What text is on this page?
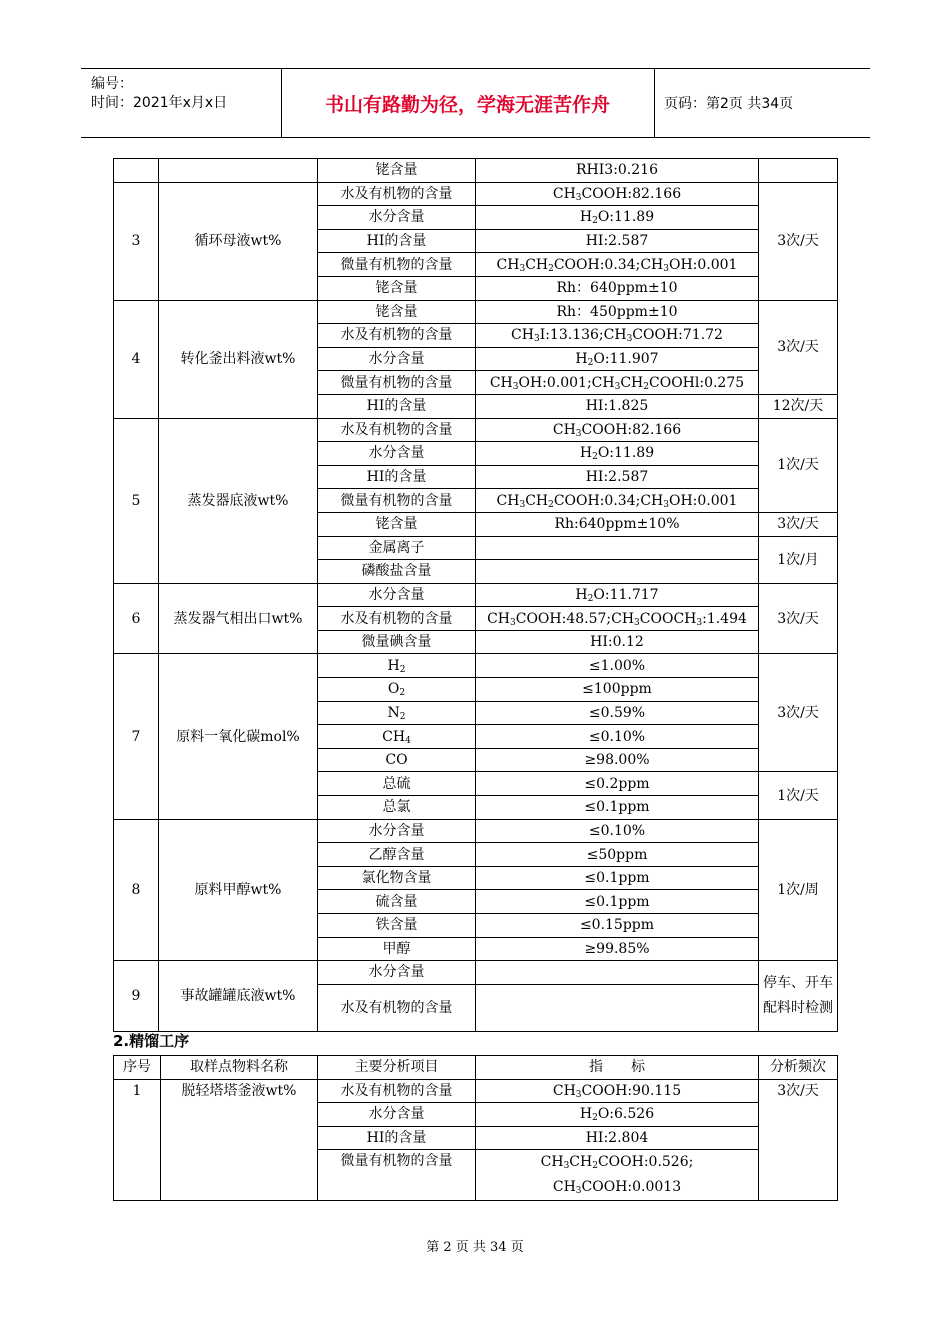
编号：
时间：2021年x月x日	书山有路勤为径，学海无涯苦作舟	页码：第2页 共34页
		铑含量	RHI3:0.216	
3	循环母液wt%	水及有机物的含量	$CH_3COOH:82.166$	3次/天
		水分含量	$H_2O:11.89$	
		HI的含量	HI:2.587	
		微量有机物的含量	$CH_3CH_2COOH:0.34;CH_3OH:0.001$	
		铑含量	Rh：640ppm±10	
4	转化釜出料液wt%	铑含量	Rh：450ppm±10	3次/天
		水及有机物的含量	$CH_3I:13.136;CH_3COOH:71.72$	
		水分含量	$H_2O:11.907$	
		微量有机物的含量	$CH_3OH:0.001;CH_3CH_2COOHl:0.275$	
		HI的含量	HI:1.825	12次/天
5	蒸发器底液wt%	水及有机物的含量	$CH_3COOH:82.166$	1次/天
		水分含量	$H_2O:11.89$	
		HI的含量	HI:2.587	
		微量有机物的含量	$CH_3CH_2COOH:0.34;CH_3OH:0.001$	
		铑含量	Rh:640ppm±10%	3次/天
		金属离子		1次/月
		磷酸盐含量		
6	蒸发器气相出口wt%	水分含量	$H_2O:11.717$	3次/天
		水及有机物的含量	$CH_3COOH:48.57;CH_3COOCH_3:1.494$	
		微量碘含量	HI:0.12	
7	原料一氧化碳mol%	$H_2$	≤1.00%	3次/天
		$O_2$	≤100ppm	
		$N_2$	≤0.59%	
		$CH_4$	≤0.10%	
		CO	≥98.00%	
		总硫	≤0.2ppm	1次/天
		总氯	≤0.1ppm	
8	原料甲醇wt%	水分含量	≤0.10%	1次/周
		乙醇含量	≤50ppm	
		氯化物含量	≤0.1ppm	
		硫含量	≤0.1ppm	
		铁含量	≤0.15ppm	
		甲醇	≥99.85%	
9	事故罐罐底液wt%	水分含量		停车、开车配料时检测
		水及有机物的含量		
2.精馏工序
序号	取样点物料名称	主要分析项目	指　　标	分析频次
1	脱轻塔塔釜液wt%	水及有机物的含量	$CH_3COOH:90.115$	3次/天
		水分含量	$H_2O:6.526$	
		HI的含量	HI:2.804	
		微量有机物的含量	$CH_3CH_2COOH:0.526$;
$CH_3COOH:0.0013$	
第 2 页 共 34 页
